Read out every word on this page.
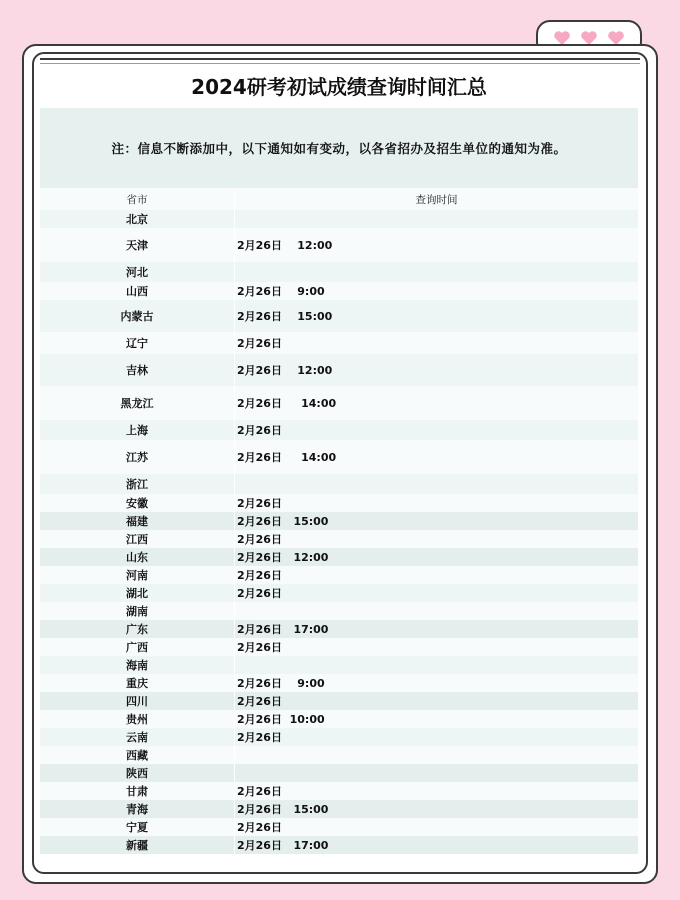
2024研考初试成绩查询时间汇总
注：信息不断添加中，以下通知如有变动，以各省招办及招生单位的通知为准。
省市	查询时间
北京	
天津	2月26日    12:00
河北	
山西	2月26日    9:00
内蒙古	2月26日    15:00
辽宁	2月26日
吉林	2月26日    12:00
黑龙江	2月26日     14:00
上海	2月26日
江苏	2月26日     14:00
浙江	
安徽	2月26日
福建	2月26日   15:00
江西	2月26日
山东	2月26日   12:00
河南	2月26日
湖北	2月26日
湖南	
广东	2月26日   17:00
广西	2月26日
海南	
重庆	2月26日    9:00
四川	2月26日
贵州	2月26日  10:00
云南	2月26日
西藏	
陕西	
甘肃	2月26日
青海	2月26日   15:00
宁夏	2月26日
新疆	2月26日   17:00
